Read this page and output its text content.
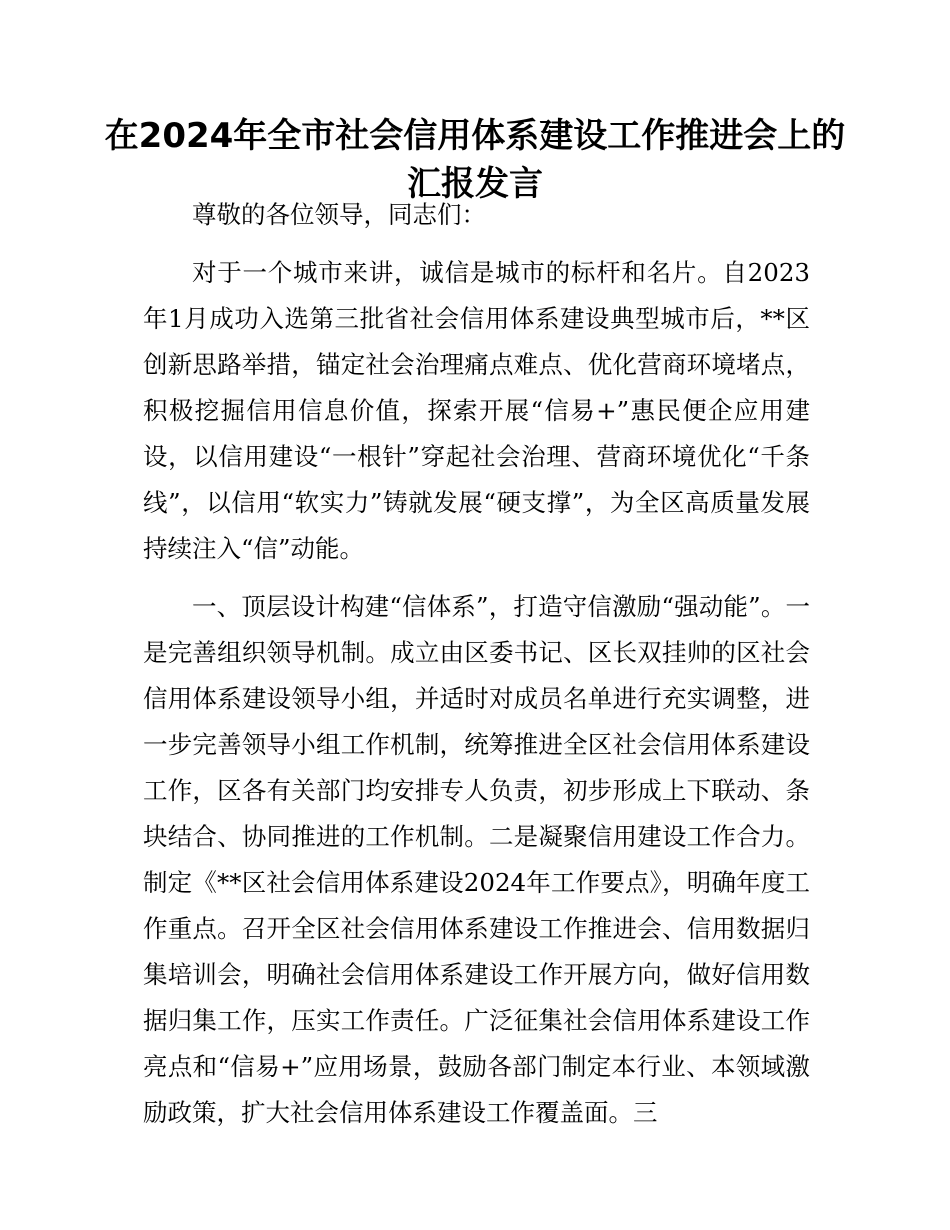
在2024年全市社会信用体系建设工作推进会上的汇报发言

尊敬的各位领导，同志们：

对于一个城市来讲，诚信是城市的标杆和名片。自2023年1月成功入选第三批省社会信用体系建设典型城市后，**区创新思路举措，锚定社会治理痛点难点、优化营商环境堵点，积极挖掘信用信息价值，探索开展“信易+”惠民便企应用建设，以信用建设“一根针”穿起社会治理、营商环境优化“千条线”，以信用“软实力”铸就发展“硬支撑”，为全区高质量发展持续注入“信”动能。

一、顶层设计构建“信体系”，打造守信激励“强动能”。一是完善组织领导机制。成立由区委书记、区长双挂帅的区社会信用体系建设领导小组，并适时对成员名单进行充实调整，进一步完善领导小组工作机制，统筹推进全区社会信用体系建设工作，区各有关部门均安排专人负责，初步形成上下联动、条块结合、协同推进的工作机制。二是凝聚信用建设工作合力。制定《**区社会信用体系建设2024年工作要点》，明确年度工作重点。召开全区社会信用体系建设工作推进会、信用数据归集培训会，明确社会信用体系建设工作开展方向，做好信用数据归集工作，压实工作责任。广泛征集社会信用体系建设工作亮点和“信易+”应用场景，鼓励各部门制定本行业、本领域激励政策，扩大社会信用体系建设工作覆盖面。三
